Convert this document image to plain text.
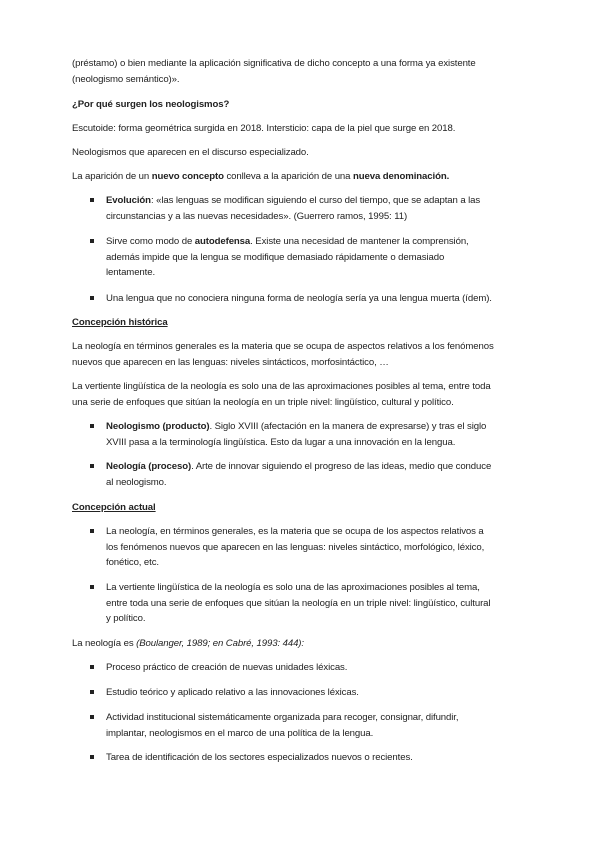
(préstamo) o bien mediante la aplicación significativa de dicho concepto a una forma ya existente
(neologismo semántico)».
¿Por qué surgen los neologismos?
Escutoide: forma geométrica surgida en 2018. Intersticio: capa de la piel que surge en 2018.
Neologismos que aparecen en el discurso especializado.
La aparición de un nuevo concepto conlleva a la aparición de una nueva denominación.
Evolución: «las lenguas se modifican siguiendo el curso del tiempo, que se adaptan a las
circunstancias y a las nuevas necesidades». (Guerrero ramos, 1995: 11)
Sirve como modo de autodefensa. Existe una necesidad de mantener la comprensión,
además impide que la lengua se modifique demasiado rápidamente o demasiado
lentamente.
Una lengua que no conociera ninguna forma de neología sería ya una lengua muerta (ídem).
Concepción histórica
La neología en términos generales es la materia que se ocupa de aspectos relativos a los fenómenos
nuevos que aparecen en las lenguas: niveles sintácticos, morfosintáctico, …
La vertiente lingüística de la neología es solo una de las aproximaciones posibles al tema, entre toda
una serie de enfoques que sitúan la neología en un triple nivel: lingüístico, cultural y político.
Neologismo (producto). Siglo XVIII (afectación en la manera de expresarse) y tras el siglo
XVIII pasa a la terminología lingüística. Esto da lugar a una innovación en la lengua.
Neología (proceso). Arte de innovar siguiendo el progreso de las ideas, medio que conduce
al neologismo.
Concepción actual
La neología, en términos generales, es la materia que se ocupa de los aspectos relativos a
los fenómenos nuevos que aparecen en las lenguas: niveles sintáctico, morfológico, léxico,
fonético, etc.
La vertiente lingüística de la neología es solo una de las aproximaciones posibles al tema,
entre toda una serie de enfoques que sitúan la neología en un triple nivel: lingüístico, cultural
y político.
La neología es (Boulanger, 1989; en Cabré, 1993: 444):
Proceso práctico de creación de nuevas unidades léxicas.
Estudio teórico y aplicado relativo a las innovaciones léxicas.
Actividad institucional sistemáticamente organizada para recoger, consignar, difundir,
implantar, neologismos en el marco de una política de la lengua.
Tarea de identificación de los sectores especializados nuevos o recientes.
